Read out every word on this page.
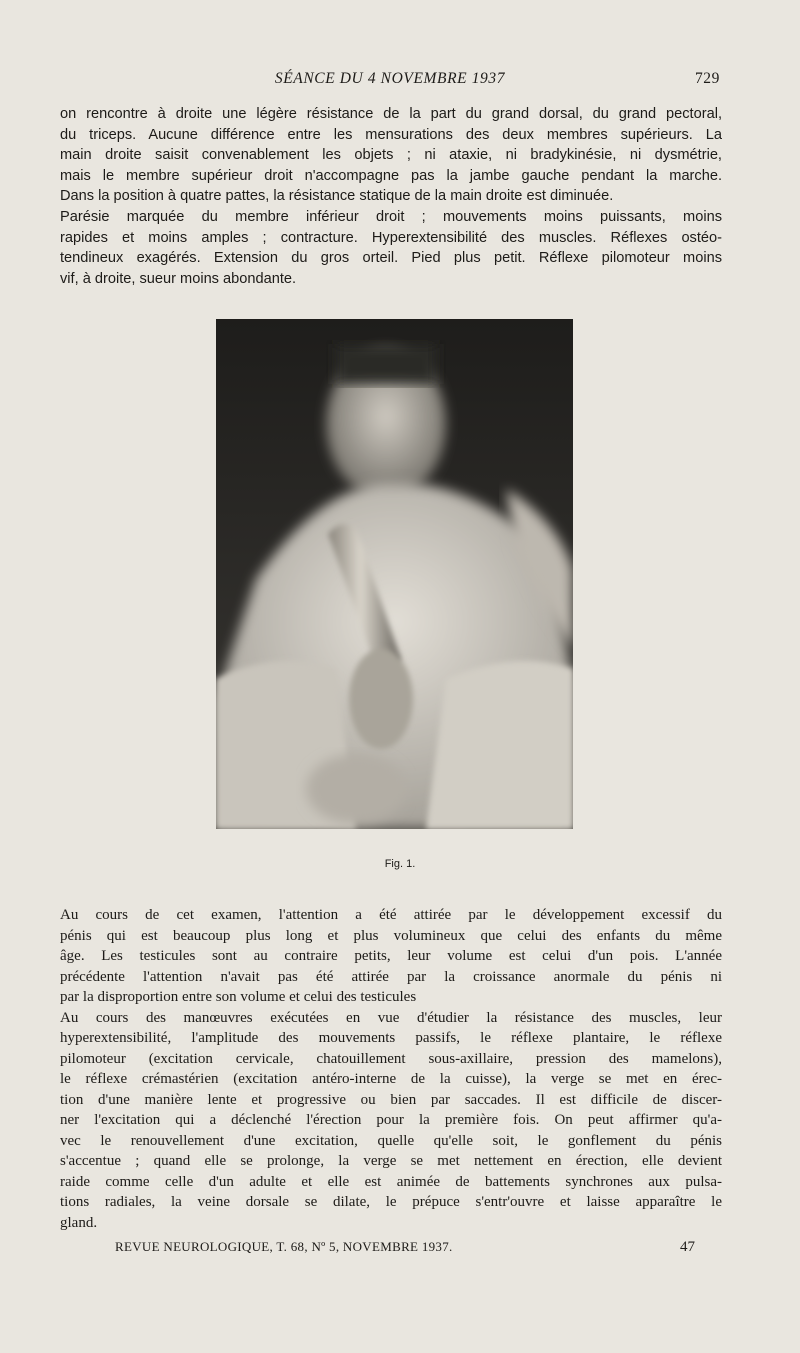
SÉANCE DU 4 NOVEMBRE 1937	729
on rencontre à droite une légère résistance de la part du grand dorsal, du grand pectoral,
du triceps. Aucune différence entre les mensurations des deux membres supérieurs. La
main droite saisit convenablement les objets ; ni ataxie, ni bradykinésie, ni dysmétrie,
mais le membre supérieur droit n'accompagne pas la jambe gauche pendant la marche.
Dans la position à quatre pattes, la résistance statique de la main droite est diminuée.
Parésie marquée du membre inférieur droit ; mouvements moins puissants, moins
rapides et moins amples ; contracture. Hyperextensibilité des muscles. Réflexes ostéo-
tendineux exagérés. Extension du gros orteil. Pied plus petit. Réflexe pilomoteur moins
vif, à droite, sueur moins abondante.
Fig. 1.
Au cours de cet examen, l'attention a été attirée par le développement excessif du
pénis qui est beaucoup plus long et plus volumineux que celui des enfants du même
âge. Les testicules sont au contraire petits, leur volume est celui d'un pois. L'année
précédente l'attention n'avait pas été attirée par la croissance anormale du pénis ni
par la disproportion entre son volume et celui des testicules
Au cours des manœuvres exécutées en vue d'étudier la résistance des muscles, leur
hyperextensibilité, l'amplitude des mouvements passifs, le réflexe plantaire, le réflexe
pilomoteur (excitation cervicale, chatouillement sous-axillaire, pression des mamelons),
le réflexe crémastérien (excitation antéro-interne de la cuisse), la verge se met en érec-
tion d'une manière lente et progressive ou bien par saccades. Il est difficile de discer-
ner l'excitation qui a déclenché l'érection pour la première fois. On peut affirmer qu'a-
vec le renouvellement d'une excitation, quelle qu'elle soit, le gonflement du pénis
s'accentue ; quand elle se prolonge, la verge se met nettement en érection, elle devient
raide comme celle d'un adulte et elle est animée de battements synchrones aux pulsa-
tions radiales, la veine dorsale se dilate, le prépuce s'entr'ouvre et laisse apparaître le
gland.
REVUE NEUROLOGIQUE, T. 68, Nº 5, NOVEMBRE 1937.	47
